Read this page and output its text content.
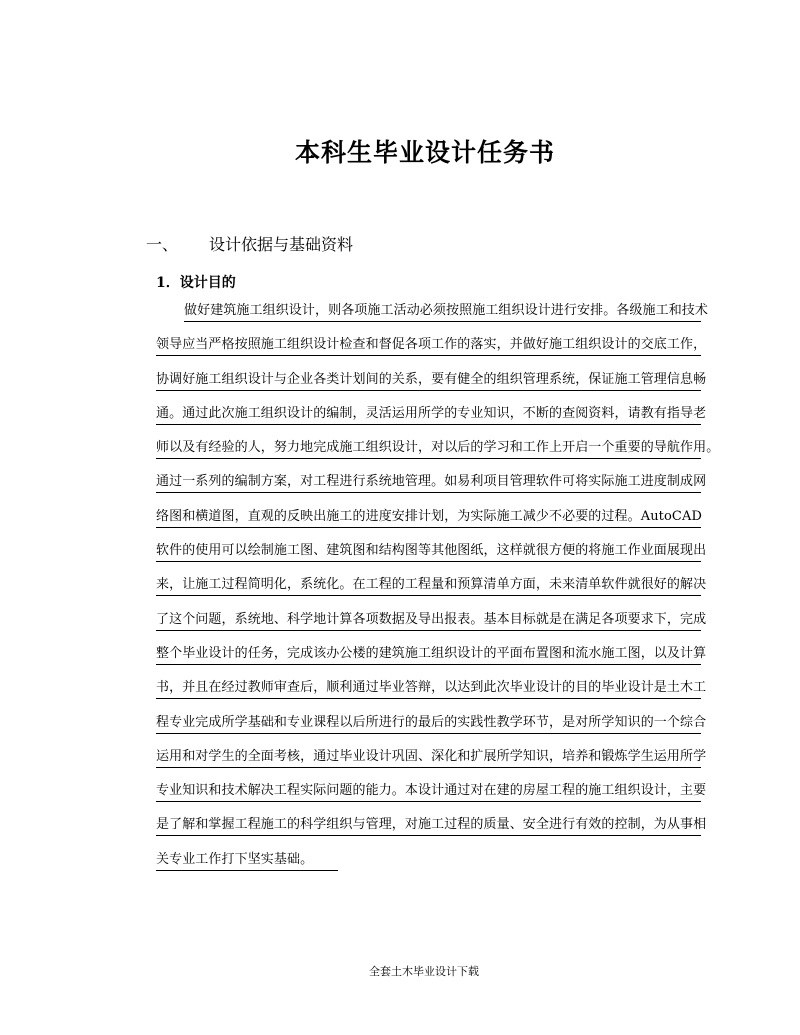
本科生毕业设计任务书
一、 设计依据与基础资料
1．设计目的
做好建筑施工组织设计，则各项施工活动必须按照施工组织设计进行安排。各级施工和技术
领导应当严格按照施工组织设计检查和督促各项工作的落实，并做好施工组织设计的交底工作，
协调好施工组织设计与企业各类计划间的关系，要有健全的组织管理系统，保证施工管理信息畅
通。通过此次施工组织设计的编制，灵活运用所学的专业知识，不断的查阅资料，请教有指导老
师以及有经验的人，努力地完成施工组织设计，对以后的学习和工作上开启一个重要的导航作用。
通过一系列的编制方案，对工程进行系统地管理。如易利项目管理软件可将实际施工进度制成网
络图和横道图，直观的反映出施工的进度安排计划，为实际施工减少不必要的过程。AutoCAD
软件的使用可以绘制施工图、建筑图和结构图等其他图纸，这样就很方便的将施工作业面展现出
来，让施工过程简明化，系统化。在工程的工程量和预算清单方面，未来清单软件就很好的解决
了这个问题，系统地、科学地计算各项数据及导出报表。基本目标就是在满足各项要求下，完成
整个毕业设计的任务，完成该办公楼的建筑施工组织设计的平面布置图和流水施工图，以及计算
书，并且在经过教师审查后，顺利通过毕业答辩，以达到此次毕业设计的目的毕业设计是土木工
程专业完成所学基础和专业课程以后所进行的最后的实践性教学环节，是对所学知识的一个综合
运用和对学生的全面考核，通过毕业设计巩固、深化和扩展所学知识，培养和锻炼学生运用所学
专业知识和技术解决工程实际问题的能力。本设计通过对在建的房屋工程的施工组织设计，主要
是了解和掌握工程施工的科学组织与管理，对施工过程的质量、安全进行有效的控制，为从事相
关专业工作打下坚实基础。
全套土木毕业设计下载
